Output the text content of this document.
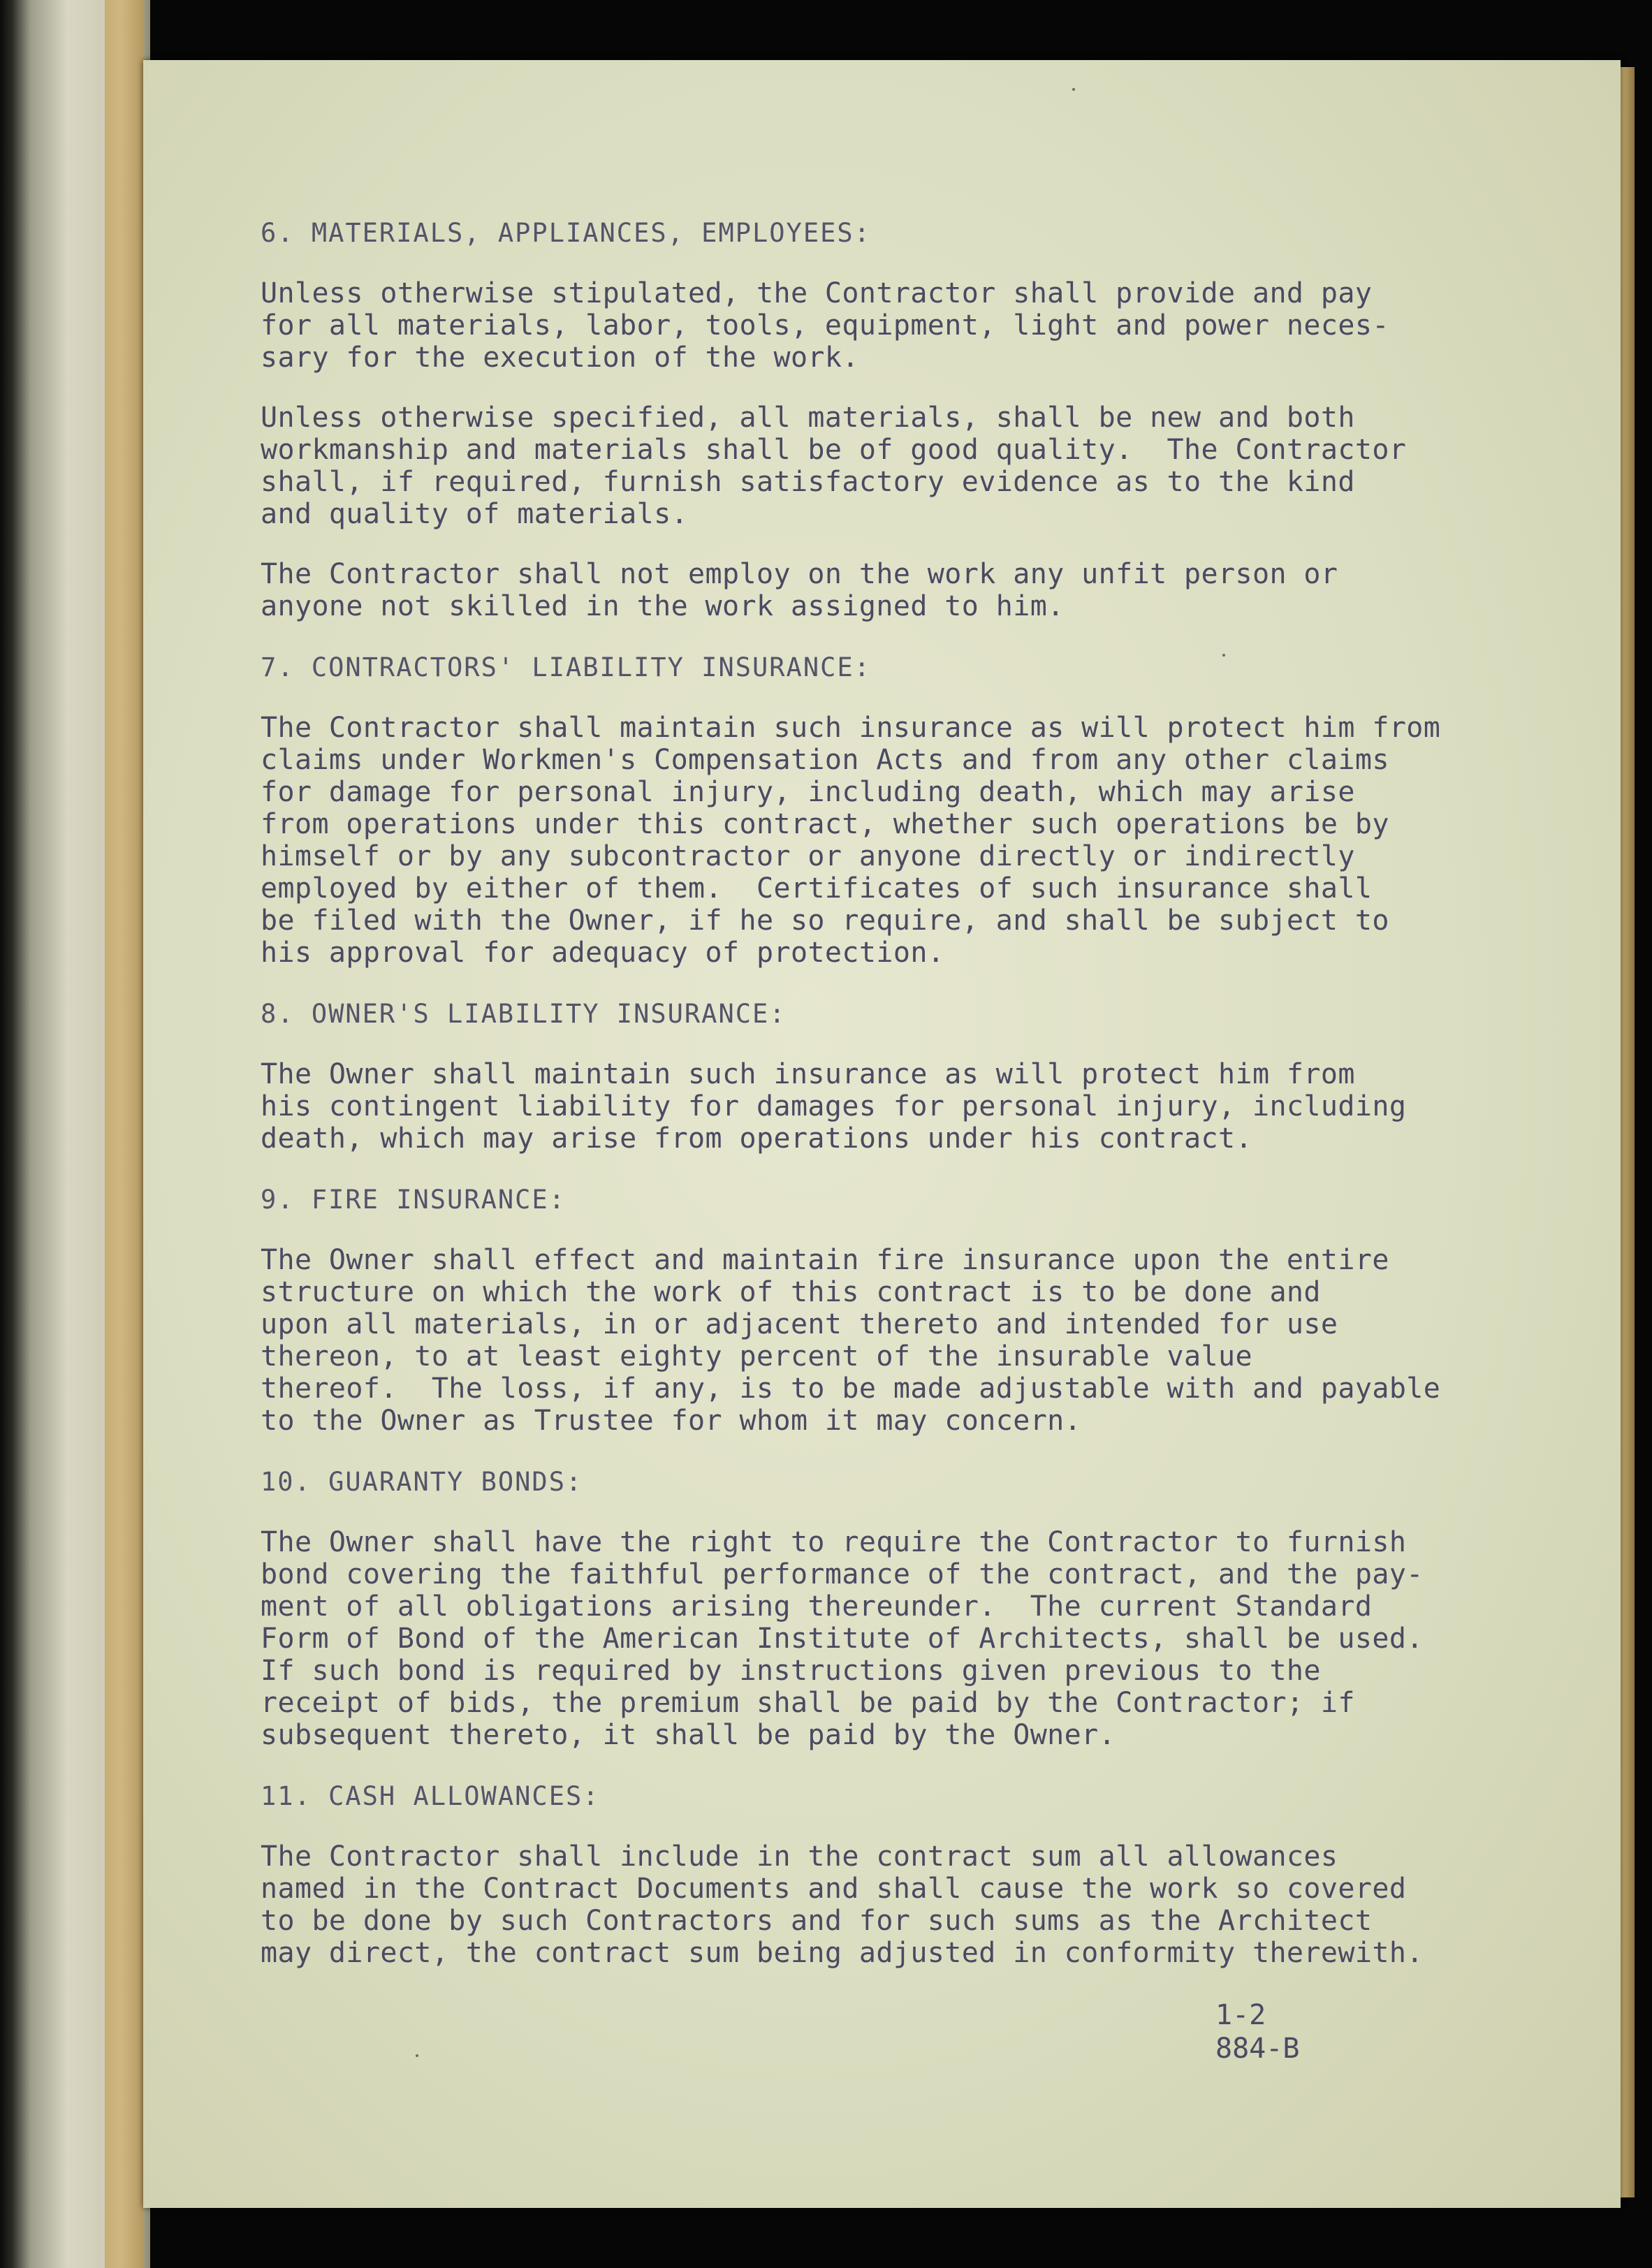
6. MATERIALS, APPLIANCES, EMPLOYEES:
Unless otherwise stipulated, the Contractor shall provide and pay
for all materials, labor, tools, equipment, light and power neces-
sary for the execution of the work.
Unless otherwise specified, all materials, shall be new and both
workmanship and materials shall be of good quality.  The Contractor
shall, if required, furnish satisfactory evidence as to the kind
and quality of materials.
The Contractor shall not employ on the work any unfit person or
anyone not skilled in the work assigned to him.
7. CONTRACTORS' LIABILITY INSURANCE:
The Contractor shall maintain such insurance as will protect him from
claims under Workmen's Compensation Acts and from any other claims
for damage for personal injury, including death, which may arise
from operations under this contract, whether such operations be by
himself or by any subcontractor or anyone directly or indirectly
employed by either of them.  Certificates of such insurance shall
be filed with the Owner, if he so require, and shall be subject to
his approval for adequacy of protection.
8. OWNER'S LIABILITY INSURANCE:
The Owner shall maintain such insurance as will protect him from
his contingent liability for damages for personal injury, including
death, which may arise from operations under his contract.
9. FIRE INSURANCE:
The Owner shall effect and maintain fire insurance upon the entire
structure on which the work of this contract is to be done and
upon all materials, in or adjacent thereto and intended for use
thereon, to at least eighty percent of the insurable value
thereof.  The loss, if any, is to be made adjustable with and payable
to the Owner as Trustee for whom it may concern.
10. GUARANTY BONDS:
The Owner shall have the right to require the Contractor to furnish
bond covering the faithful performance of the contract, and the pay-
ment of all obligations arising thereunder.  The current Standard
Form of Bond of the American Institute of Architects, shall be used.
If such bond is required by instructions given previous to the
receipt of bids, the premium shall be paid by the Contractor; if
subsequent thereto, it shall be paid by the Owner.
11. CASH ALLOWANCES:
The Contractor shall include in the contract sum all allowances
named in the Contract Documents and shall cause the work so covered
to be done by such Contractors and for such sums as the Architect
may direct, the contract sum being adjusted in conformity therewith.
1-2
884-B
